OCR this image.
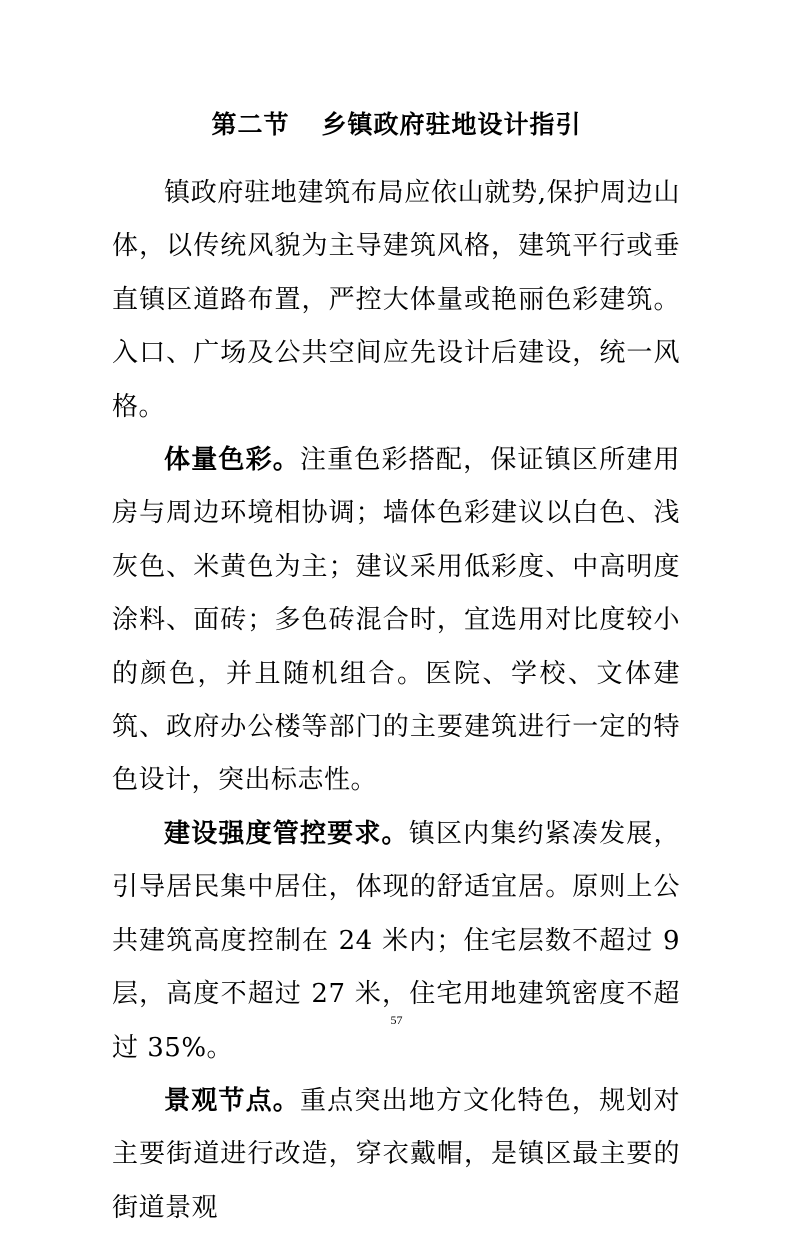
第二节 乡镇政府驻地设计指引

镇政府驻地建筑布局应依山就势,保护周边山体，以传统风貌为主导建筑风格，建筑平行或垂直镇区道路布置，严控大体量或艳丽色彩建筑。入口、广场及公共空间应先设计后建设，统一风格。

体量色彩。注重色彩搭配，保证镇区所建用房与周边环境相协调；墙体色彩建议以白色、浅灰色、米黄色为主；建议采用低彩度、中高明度涂料、面砖；多色砖混合时，宜选用对比度较小的颜色，并且随机组合。医院、学校、文体建筑、政府办公楼等部门的主要建筑进行一定的特色设计，突出标志性。

建设强度管控要求。镇区内集约紧凑发展，引导居民集中居住，体现的舒适宜居。原则上公共建筑高度控制在 24 米内；住宅层数不超过 9 层，高度不超过 27 米，住宅用地建筑密度不超过 35%。

景观节点。重点突出地方文化特色，规划对主要街道进行改造，穿衣戴帽，是镇区最主要的街道景观

57
